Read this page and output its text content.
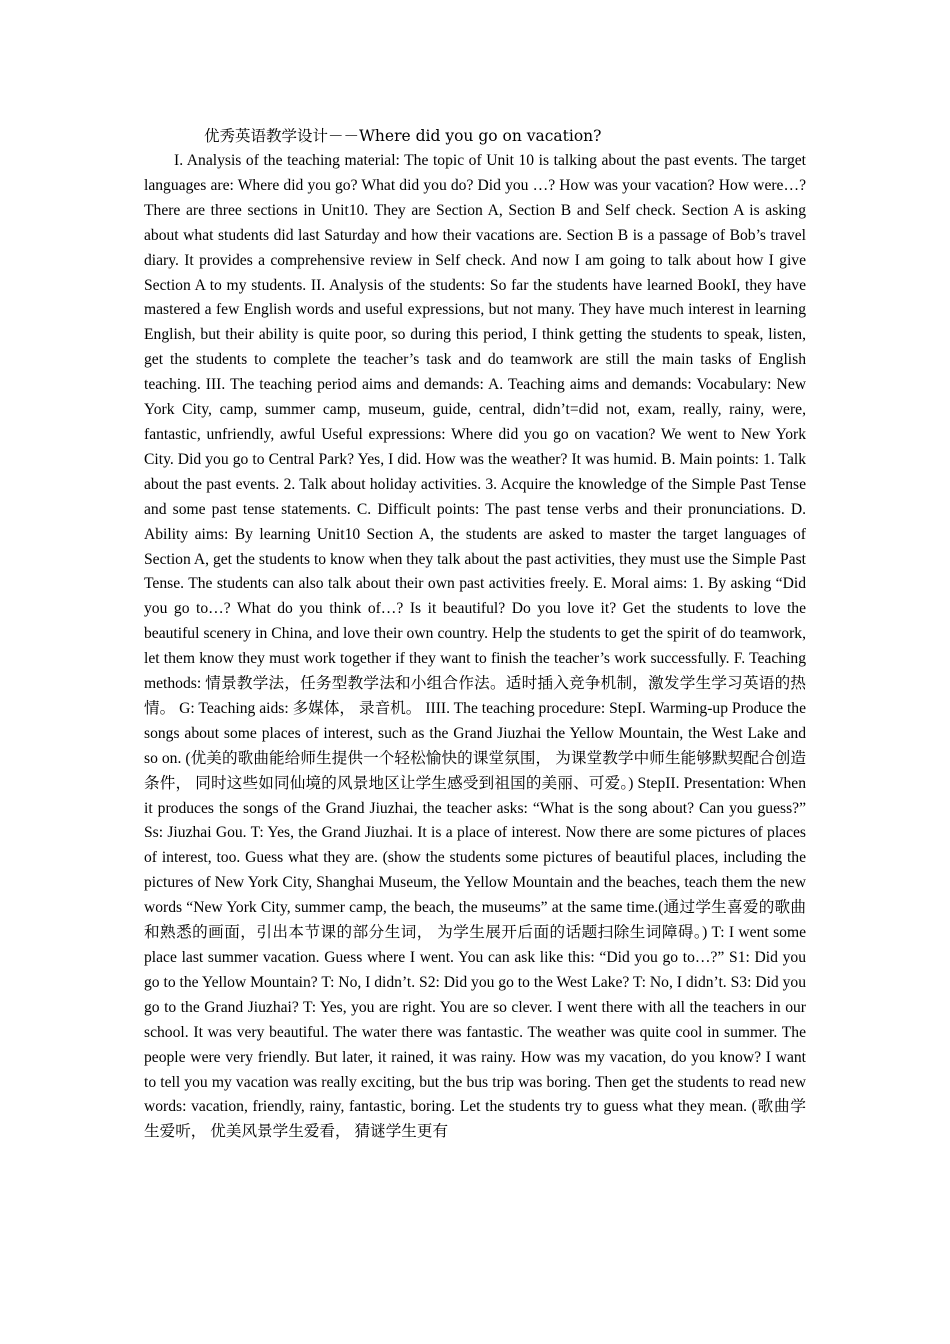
优秀英语教学设计－－Where did you go on vacation?

I. Analysis of the teaching material: The topic of Unit 10 is talking about the past events. The target languages are: Where did you go? What did you do? Did you …? How was your vacation? How were…? There are three sections in Unit10. They are Section A, Section B and Self check. Section A is asking about what students did last Saturday and how their vacations are. Section B is a passage of Bob’s travel diary. It provides a comprehensive review in Self check. And now I am going to talk about how I give Section A to my students. II. Analysis of the students: So far the students have learned BookI, they have mastered a few English words and useful expressions, but not many. They have much interest in learning English, but their ability is quite poor, so during this period, I think getting the students to speak, listen, get the students to complete the teacher’s task and do teamwork are still the main tasks of English teaching. III. The teaching period aims and demands: A. Teaching aims and demands: Vocabulary: New York City, camp, summer camp, museum, guide, central, didn’t=did not, exam, really, rainy, were, fantastic, unfriendly, awful Useful expressions: Where did you go on vacation? We went to New York City. Did you go to Central Park? Yes, I did. How was the weather? It was humid. B. Main points: 1. Talk about the past events. 2. Talk about holiday activities. 3. Acquire the knowledge of the Simple Past Tense and some past tense statements. C. Difficult points: The past tense verbs and their pronunciations. D. Ability aims: By learning Unit10 Section A, the students are asked to master the target languages of Section A, get the students to know when they talk about the past activities, they must use the Simple Past Tense. The students can also talk about their own past activities freely. E. Moral aims: 1. By asking “Did you go to…? What do you think of…? Is it beautiful? Do you love it? Get the students to love the beautiful scenery in China, and love their own country. Help the students to get the spirit of do teamwork, let them know they must work together if they want to finish the teacher’s work successfully. F. Teaching methods: 情景教学法，任务型教学法和小组合作法。适时插入竞争机制，激发学生学习英语的热情。 G: Teaching aids: 多媒体， 录音机。 IIII. The teaching procedure: StepI. Warming-up Produce the songs about some places of interest, such as the Grand Jiuzhai the Yellow Mountain, the West Lake and so on. (优美的歌曲能给师生提供一个轻松愉快的课堂氛围， 为课堂教学中师生能够默契配合创造条件， 同时这些如同仙境的风景地区让学生感受到祖国的美丽、可爱。) StepII. Presentation: When it produces the songs of the Grand Jiuzhai, the teacher asks: “What is the song about? Can you guess?” Ss: Jiuzhai Gou. T: Yes, the Grand Jiuzhai. It is a place of interest. Now there are some pictures of places of interest, too. Guess what they are. (show the students some pictures of beautiful places, including the pictures of New York City, Shanghai Museum, the Yellow Mountain and the beaches, teach them the new words “New York City, summer camp, the beach, the museums” at the same time.(通过学生喜爱的歌曲和熟悉的画面，引出本节课的部分生词， 为学生展开后面的话题扫除生词障碍。) T: I went some place last summer vacation. Guess where I went. You can ask like this: “Did you go to…?” S1: Did you go to the Yellow Mountain? T: No, I didn’t. S2: Did you go to the West Lake? T: No, I didn’t. S3: Did you go to the Grand Jiuzhai? T: Yes, you are right. You are so clever. I went there with all the teachers in our school. It was very beautiful. The water there was fantastic. The weather was quite cool in summer. The people were very friendly. But later, it rained, it was rainy. How was my vacation, do you know? I want to tell you my vacation was really exciting, but the bus trip was boring. Then get the students to read new words: vacation, friendly, rainy, fantastic, boring. Let the students try to guess what they mean. (歌曲学生爱听， 优美风景学生爱看， 猜谜学生更有
